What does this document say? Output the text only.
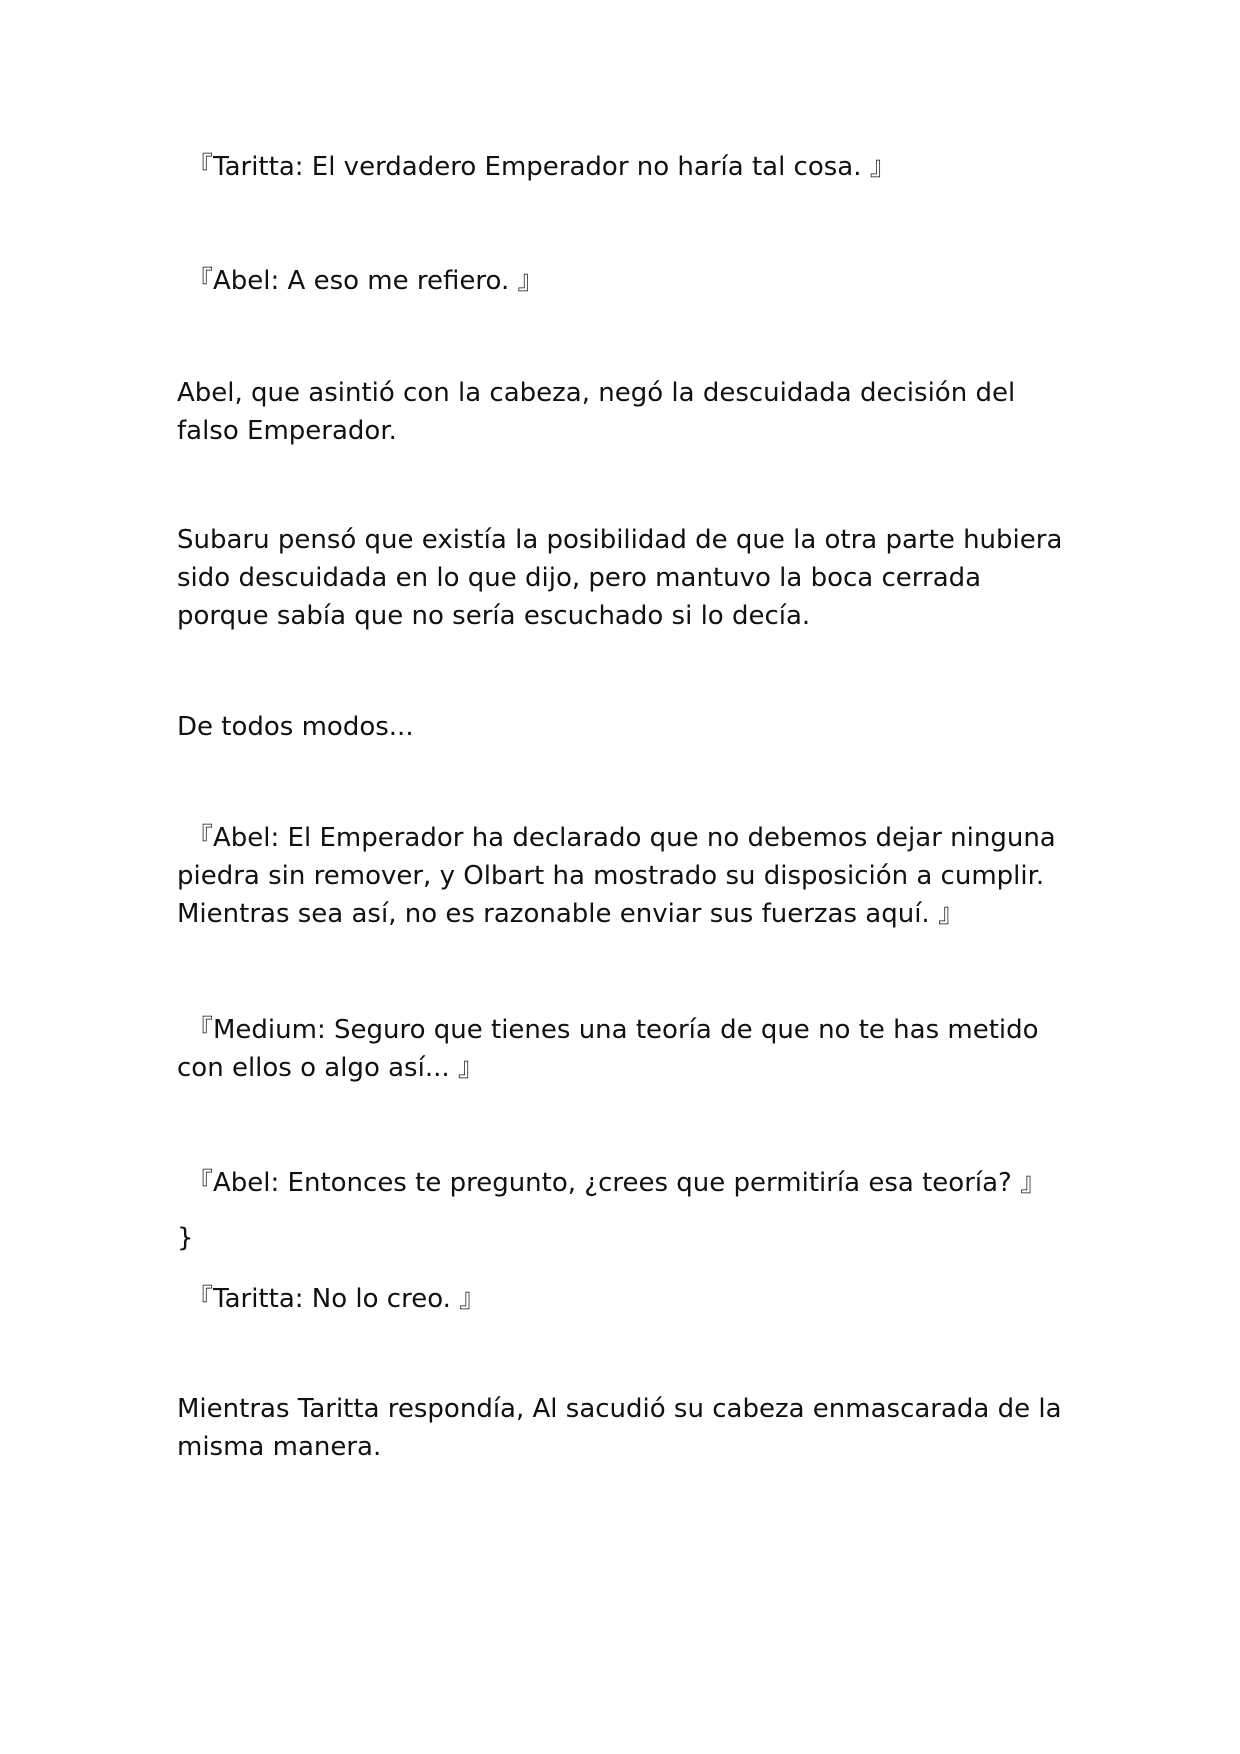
『Taritta: El verdadero Emperador no haría tal cosa. 』

『Abel: A eso me refiero. 』

Abel, que asintió con la cabeza, negó la descuidada decisión del falso Emperador.

Subaru pensó que existía la posibilidad de que la otra parte hubiera sido descuidada en lo que dijo, pero mantuvo la boca cerrada porque sabía que no sería escuchado si lo decía.

De todos modos...

『Abel: El Emperador ha declarado que no debemos dejar ninguna piedra sin remover, y Olbart ha mostrado su disposición a cumplir. Mientras sea así, no es razonable enviar sus fuerzas aquí. 』

『Medium: Seguro que tienes una teoría de que no te has metido con ellos o algo así... 』

『Abel: Entonces te pregunto, ¿crees que permitiría esa teoría? 』

}

『Taritta: No lo creo. 』

Mientras Taritta respondía, Al sacudió su cabeza enmascarada de la misma manera.
